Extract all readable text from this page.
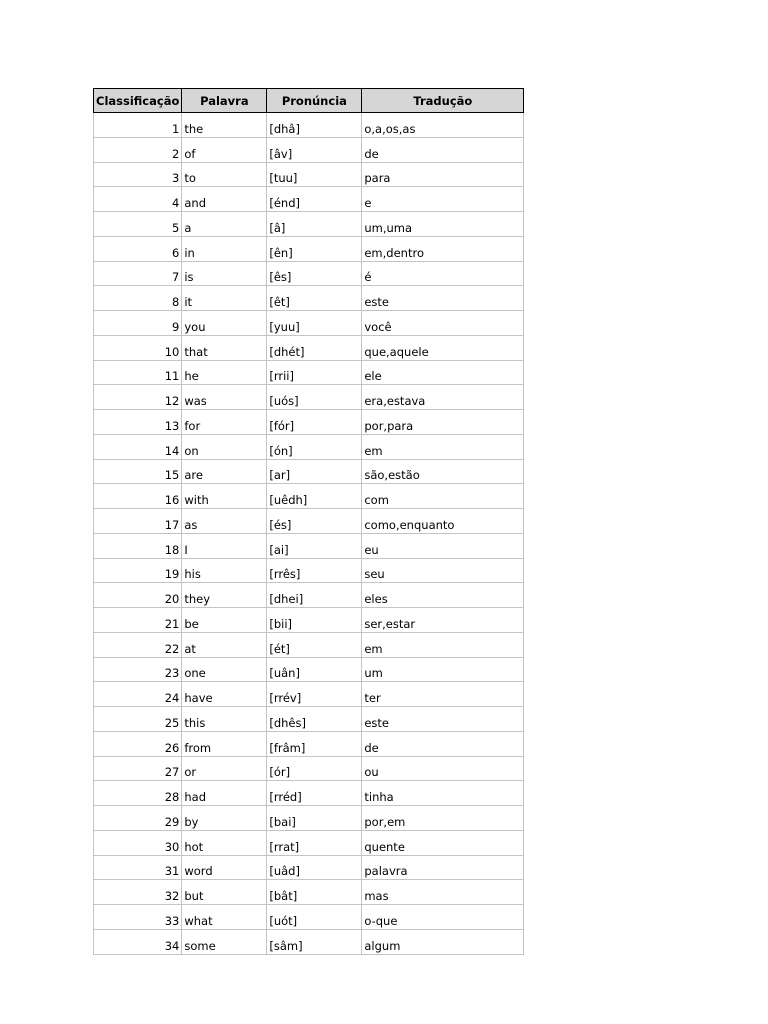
Classificação	Palavra	Pronúncia	Tradução
1	the	[dhâ]	o,a,os,as
2	of	[âv]	de
3	to	[tuu]	para
4	and	[énd]	e
5	a	[â]	um,uma
6	in	[ên]	em,dentro
7	is	[ês]	é
8	it	[êt]	este
9	you	[yuu]	você
10	that	[dhét]	que,aquele
11	he	[rrii]	ele
12	was	[uós]	era,estava
13	for	[fór]	por,para
14	on	[ón]	em
15	are	[ar]	são,estão
16	with	[uêdh]	com
17	as	[és]	como,enquanto
18	I	[ai]	eu
19	his	[rrês]	seu
20	they	[dhei]	eles
21	be	[bii]	ser,estar
22	at	[ét]	em
23	one	[uân]	um
24	have	[rrév]	ter
25	this	[dhês]	este
26	from	[frâm]	de
27	or	[ór]	ou
28	had	[rréd]	tinha
29	by	[bai]	por,em
30	hot	[rrat]	quente
31	word	[uâd]	palavra
32	but	[bât]	mas
33	what	[uót]	o-que
34	some	[sâm]	algum
